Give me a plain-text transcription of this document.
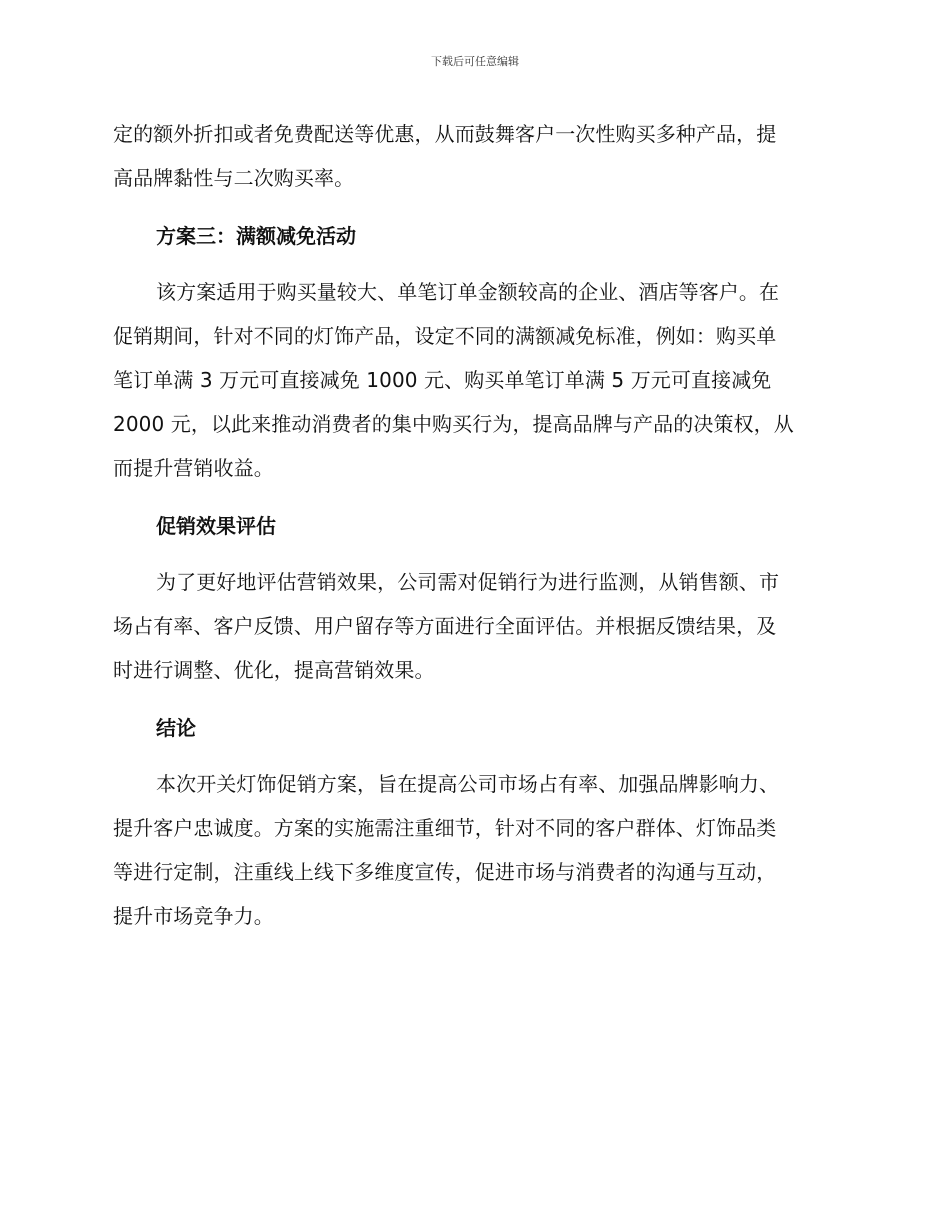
下载后可任意编辑
定的额外折扣或者免费配送等优惠，从而鼓舞客户一次性购买多种产品，提
高品牌黏性与二次购买率。
方案三：满额减免活动
该方案适用于购买量较大、单笔订单金额较高的企业、酒店等客户。在
促销期间，针对不同的灯饰产品，设定不同的满额减免标准，例如：购买单
笔订单满 3 万元可直接减免 1000 元、购买单笔订单满 5 万元可直接减免
2000 元，以此来推动消费者的集中购买行为，提高品牌与产品的决策权，从
而提升营销收益。
促销效果评估
为了更好地评估营销效果，公司需对促销行为进行监测，从销售额、市
场占有率、客户反馈、用户留存等方面进行全面评估。并根据反馈结果，及
时进行调整、优化，提高营销效果。
结论
本次开关灯饰促销方案，旨在提高公司市场占有率、加强品牌影响力、
提升客户忠诚度。方案的实施需注重细节，针对不同的客户群体、灯饰品类
等进行定制，注重线上线下多维度宣传，促进市场与消费者的沟通与互动，
提升市场竞争力。
